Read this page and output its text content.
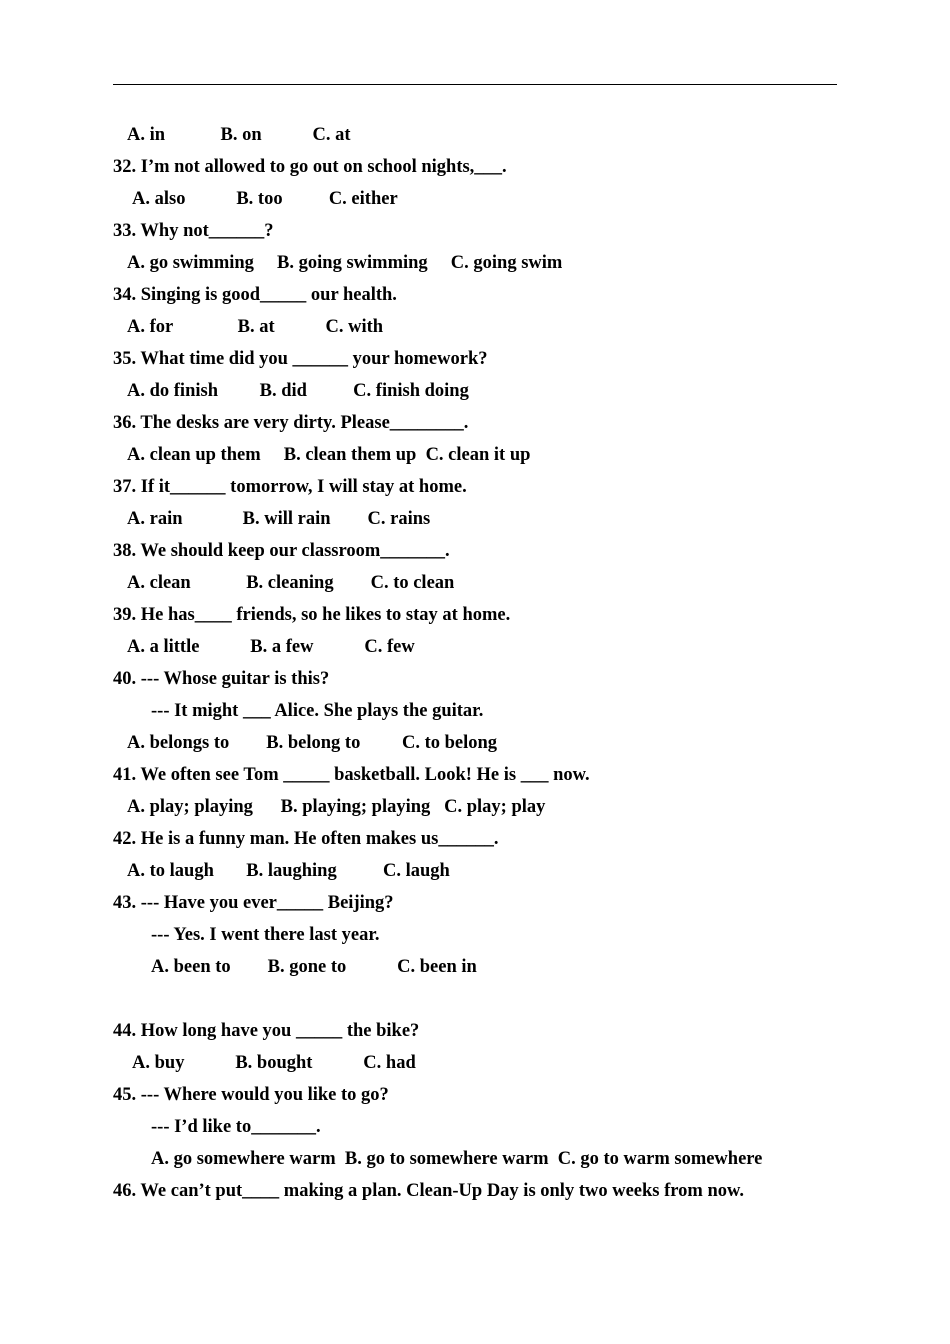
A. in            B. on           C. at
32. I’m not allowed to go out on school nights,___.
A. also           B. too          C. either
33. Why not______?
A. go swimming     B. going swimming     C. going swim
34. Singing is good_____ our health.
A. for              B. at           C. with
35. What time did you ______ your homework?
A. do finish         B. did          C. finish doing
36. The desks are very dirty. Please________.
A. clean up them     B. clean them up  C. clean it up
37. If it______ tomorrow, I will stay at home.
A. rain             B. will rain        C. rains
38. We should keep our classroom_______.
A. clean            B. cleaning        C. to clean
39. He has____ friends, so he likes to stay at home.
A. a little           B. a few           C. few
40. --- Whose guitar is this?
--- It might ___ Alice. She plays the guitar.
A. belongs to        B. belong to         C. to belong
41. We often see Tom _____ basketball. Look! He is ___ now.
A. play; playing      B. playing; playing   C. play; play
42. He is a funny man. He often makes us______.
A. to laugh       B. laughing          C. laugh
43. --- Have you ever_____ Beijing?
--- Yes. I went there last year.
A. been to        B. gone to           C. been in
44. How long have you _____ the bike?
A. buy           B. bought           C. had
45. --- Where would you like to go?
--- I’d like to_______.
A. go somewhere warm  B. go to somewhere warm  C. go to warm somewhere
46. We can’t put____ making a plan. Clean-Up Day is only two weeks from now.
